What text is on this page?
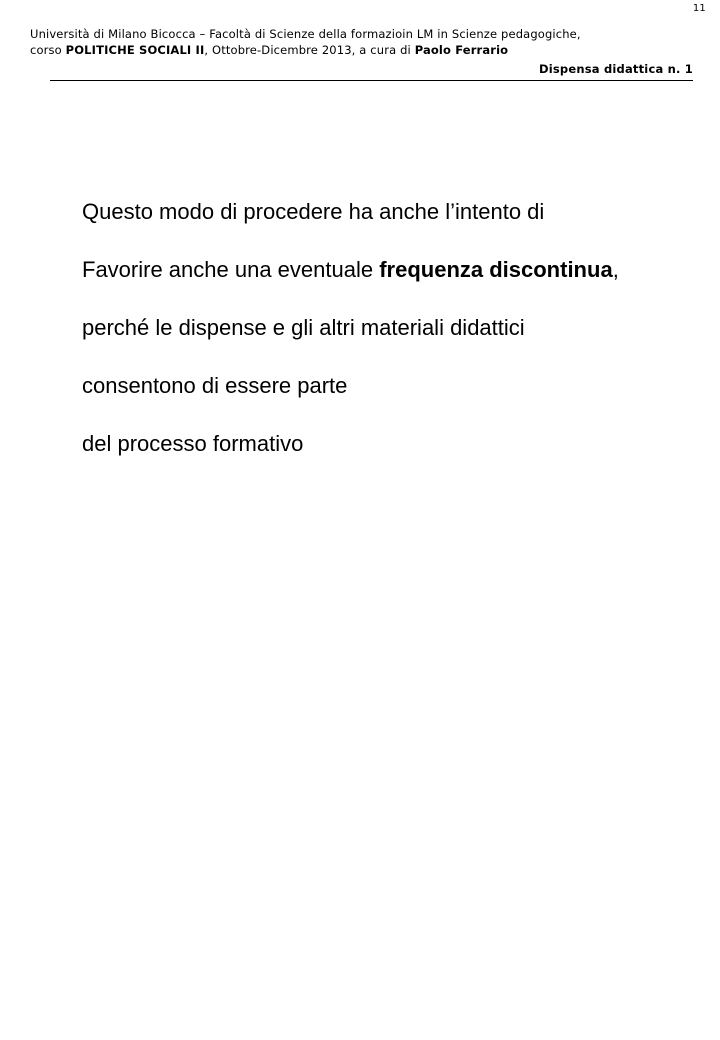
11
Università di Milano Bicocca – Facoltà di Scienze della formazioin LM in Scienze pedagogiche,
corso POLITICHE SOCIALI II, Ottobre-Dicembre 2013, a cura di Paolo Ferrario
Dispensa didattica n. 1

Questo modo di procedere ha anche l’intento di

Favorire anche una eventuale frequenza discontinua,

perché le dispense e gli altri materiali didattici

consentono di essere parte

del processo formativo
